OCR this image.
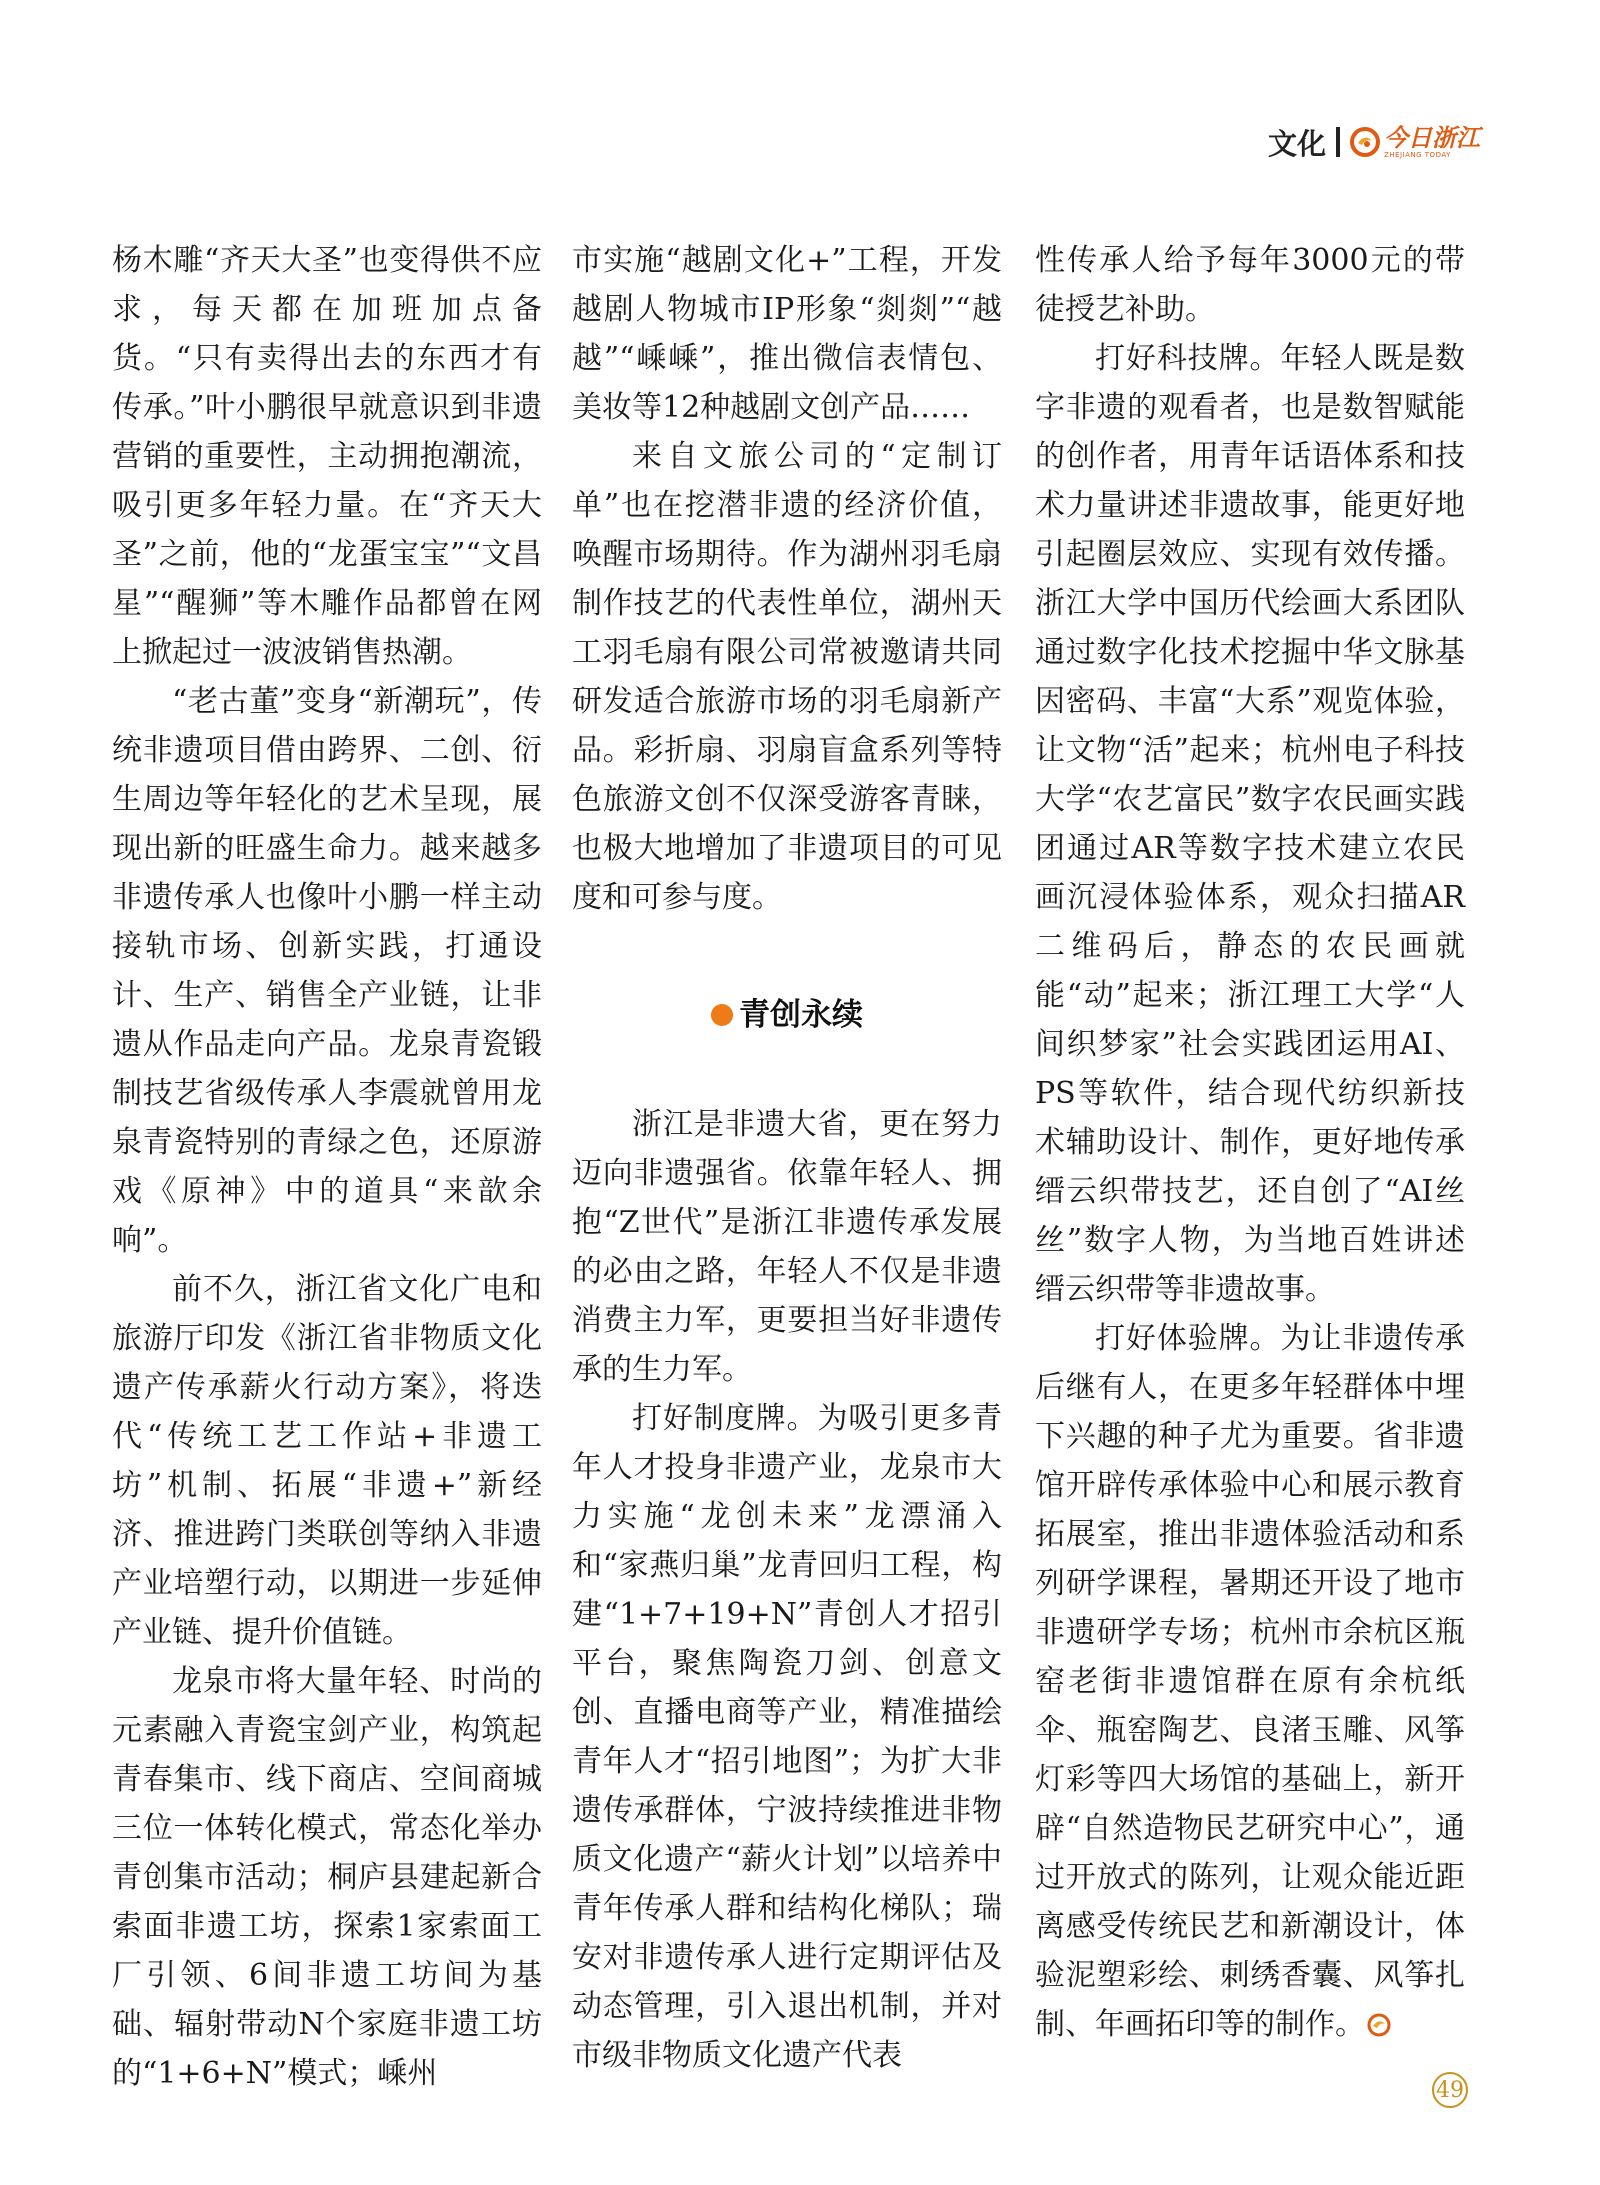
文化 今日浙江
ZHEJIANG TODAY

杨木雕“齐天大圣”也变得供不应求，每天都在加班加点备货。“只有卖得出去的东西才有传承。”叶小鹏很早就意识到非遗营销的重要性，主动拥抱潮流，吸引更多年轻力量。在“齐天大圣”之前，他的“龙蛋宝宝”“文昌星”“醒狮”等木雕作品都曾在网上掀起过一波波销售热潮。

“老古董”变身“新潮玩”，传统非遗项目借由跨界、二创、衍生周边等年轻化的艺术呈现，展现出新的旺盛生命力。越来越多非遗传承人也像叶小鹏一样主动接轨市场、创新实践，打通设计、生产、销售全产业链，让非遗从作品走向产品。龙泉青瓷锻制技艺省级传承人李震就曾用龙泉青瓷特别的青绿之色，还原游戏《原神》中的道具“来歆余响”。

前不久，浙江省文化广电和旅游厅印发《浙江省非物质文化遗产传承薪火行动方案》，将迭代“传统工艺工作站+非遗工坊”机制、拓展“非遗+”新经济、推进跨门类联创等纳入非遗产业培塑行动，以期进一步延伸产业链、提升价值链。

龙泉市将大量年轻、时尚的元素融入青瓷宝剑产业，构筑起青春集市、线下商店、空间商城三位一体转化模式，常态化举办青创集市活动；桐庐县建起新合索面非遗工坊，探索1家索面工厂引领、6间非遗工坊间为基础、辐射带动N个家庭非遗工坊的“1+6+N”模式；嵊州

市实施“越剧文化+”工程，开发越剧人物城市IP形象“剡剡”“越越”“嵊嵊”，推出微信表情包、美妆等12种越剧文创产品……

来自文旅公司的“定制订单”也在挖潜非遗的经济价值，唤醒市场期待。作为湖州羽毛扇制作技艺的代表性单位，湖州天工羽毛扇有限公司常被邀请共同研发适合旅游市场的羽毛扇新产品。彩折扇、羽扇盲盒系列等特色旅游文创不仅深受游客青睐，也极大地增加了非遗项目的可见度和可参与度。

青创永续

浙江是非遗大省，更在努力迈向非遗强省。依靠年轻人、拥抱“Z世代”是浙江非遗传承发展的必由之路，年轻人不仅是非遗消费主力军，更要担当好非遗传承的生力军。

打好制度牌。为吸引更多青年人才投身非遗产业，龙泉市大力实施“龙创未来”龙漂涌入和“家燕归巢”龙青回归工程，构建“1+7+19+N”青创人才招引平台，聚焦陶瓷刀剑、创意文创、直播电商等产业，精准描绘青年人才“招引地图”；为扩大非遗传承群体，宁波持续推进非物质文化遗产“薪火计划”以培养中青年传承人群和结构化梯队；瑞安对非遗传承人进行定期评估及动态管理，引入退出机制，并对市级非物质文化遗产代表

性传承人给予每年3000元的带徒授艺补助。

打好科技牌。年轻人既是数字非遗的观看者，也是数智赋能的创作者，用青年话语体系和技术力量讲述非遗故事，能更好地引起圈层效应、实现有效传播。浙江大学中国历代绘画大系团队通过数字化技术挖掘中华文脉基因密码、丰富“大系”观览体验，让文物“活”起来；杭州电子科技大学“农艺富民”数字农民画实践团通过AR等数字技术建立农民画沉浸体验体系，观众扫描AR二维码后，静态的农民画就能“动”起来；浙江理工大学“人间织梦家”社会实践团运用AI、PS等软件，结合现代纺织新技术辅助设计、制作，更好地传承缙云织带技艺，还自创了“AI丝丝”数字人物，为当地百姓讲述缙云织带等非遗故事。

打好体验牌。为让非遗传承后继有人，在更多年轻群体中埋下兴趣的种子尤为重要。省非遗馆开辟传承体验中心和展示教育拓展室，推出非遗体验活动和系列研学课程，暑期还开设了地市非遗研学专场；杭州市余杭区瓶窑老街非遗馆群在原有余杭纸伞、瓶窑陶艺、良渚玉雕、风筝灯彩等四大场馆的基础上，新开辟“自然造物民艺研究中心”，通过开放式的陈列，让观众能近距离感受传统民艺和新潮设计，体验泥塑彩绘、刺绣香囊、风筝扎制、年画拓印等的制作。

49
